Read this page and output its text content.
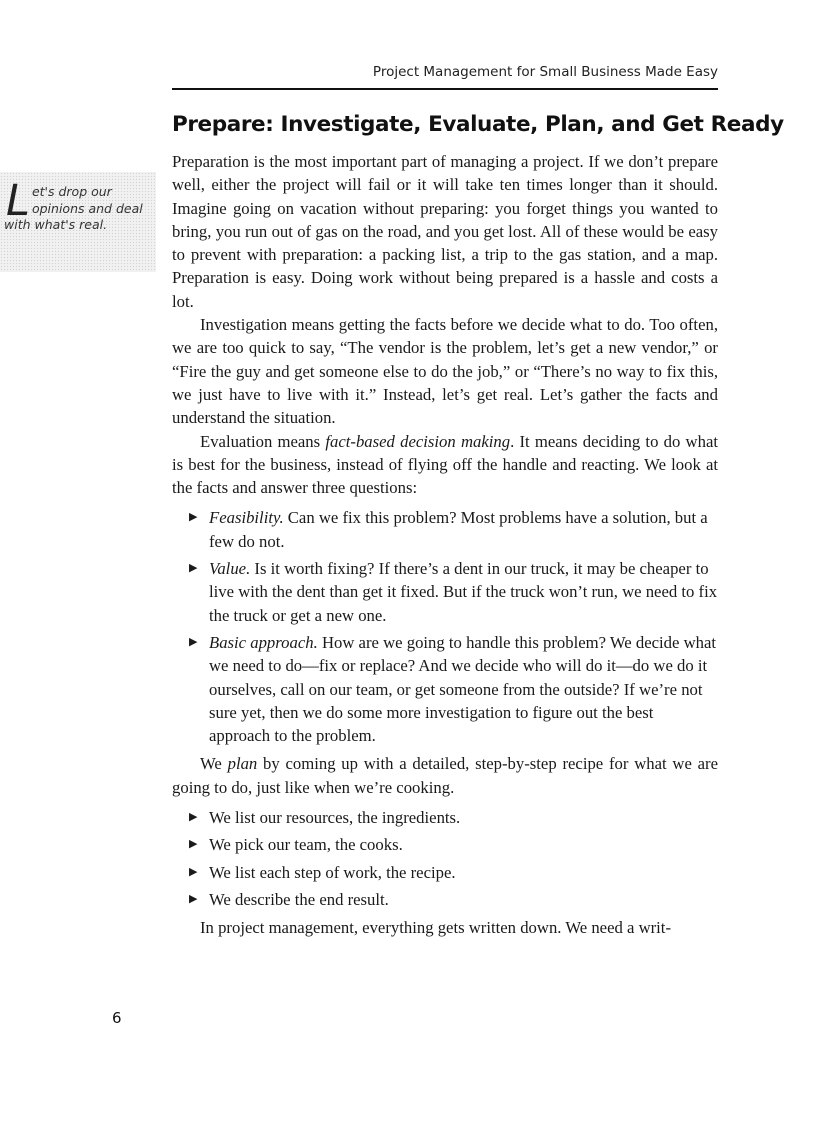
Project Management for Small Business Made Easy
Prepare: Investigate, Evaluate, Plan, and Get Ready
Let's drop our opinions and deal with what's real.

Preparation is the most important part of managing a project. If we don’t prepare well, either the project will fail or it will take ten times longer than it should. Imagine going on vacation without preparing: you forget things you wanted to bring, you run out of gas on the road, and you get lost. All of these would be easy to prevent with preparation: a packing list, a trip to the gas station, and a map. Preparation is easy. Doing work without being prepared is a hassle and costs a lot.

Investigation means getting the facts before we decide what to do. Too often, we are too quick to say, “The vendor is the problem, let’s get a new vendor,” or “Fire the guy and get someone else to do the job,” or “There’s no way to fix this, we just have to live with it.” Instead, let’s get real. Let’s gather the facts and understand the situation.

Evaluation means fact-based decision making. It means deciding to do what is best for the business, instead of flying off the handle and reacting. We look at the facts and answer three questions:

▶ Feasibility. Can we fix this problem? Most problems have a solution, but a few do not.
▶ Value. Is it worth fixing? If there’s a dent in our truck, it may be cheaper to live with the dent than get it fixed. But if the truck won’t run, we need to fix the truck or get a new one.
▶ Basic approach. How are we going to handle this problem? We decide what we need to do—fix or replace? And we decide who will do it—do we do it ourselves, call on our team, or get someone from the outside? If we’re not sure yet, then we do some more investigation to figure out the best approach to the problem.

We plan by coming up with a detailed, step-by-step recipe for what we are going to do, just like when we’re cooking.

▶ We list our resources, the ingredients.
▶ We pick our team, the cooks.
▶ We list each step of work, the recipe.
▶ We describe the end result.

In project management, everything gets written down. We need a writ-

6
